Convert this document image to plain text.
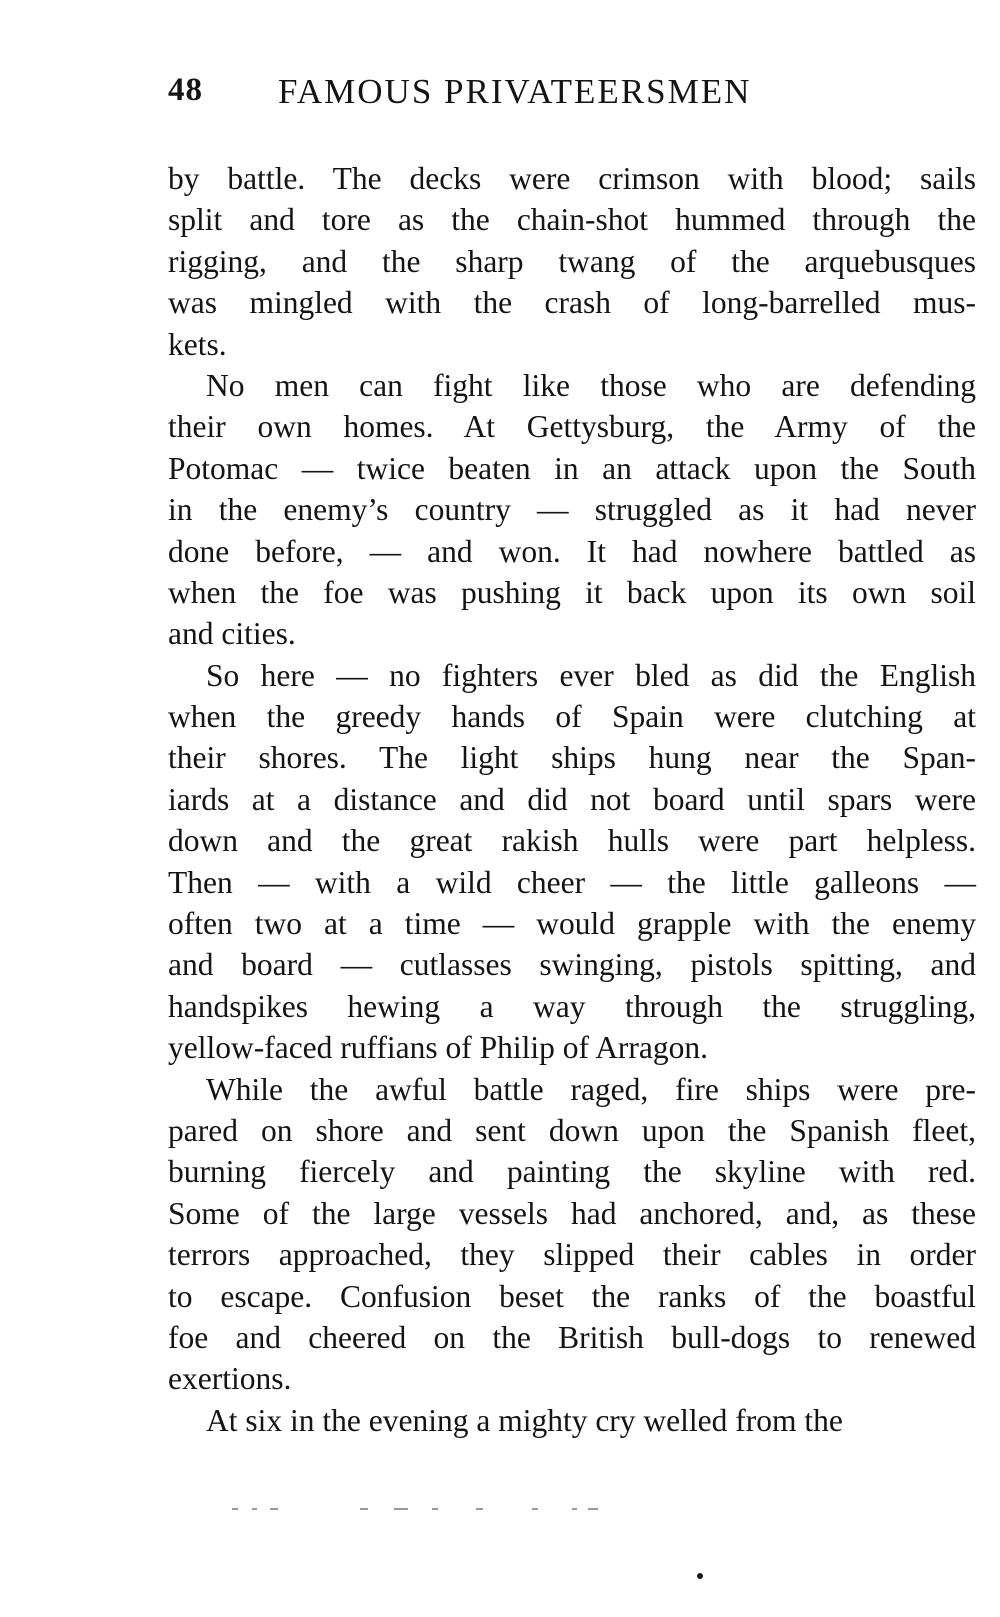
48 FAMOUS PRIVATEERSMEN
by battle. The decks were crimson with blood; sails
split and tore as the chain-shot hummed through the
rigging, and the sharp twang of the arquebusques
was mingled with the crash of long-barrelled mus-
kets.
No men can fight like those who are defending
their own homes. At Gettysburg, the Army of the
Potomac — twice beaten in an attack upon the South
in the enemy’s country — struggled as it had never
done before, — and won. It had nowhere battled as
when the foe was pushing it back upon its own soil
and cities.
So here — no fighters ever bled as did the English
when the greedy hands of Spain were clutching at
their shores. The light ships hung near the Span-
iards at a distance and did not board until spars were
down and the great rakish hulls were part helpless.
Then — with a wild cheer — the little galleons —
often two at a time — would grapple with the enemy
and board — cutlasses swinging, pistols spitting, and
handspikes hewing a way through the struggling,
yellow-faced ruffians of Philip of Arragon.
While the awful battle raged, fire ships were pre-
pared on shore and sent down upon the Spanish fleet,
burning fiercely and painting the skyline with red.
Some of the large vessels had anchored, and, as these
terrors approached, they slipped their cables in order
to escape. Confusion beset the ranks of the boastful
foe and cheered on the British bull-dogs to renewed
exertions.
At six in the evening a mighty cry welled from the
